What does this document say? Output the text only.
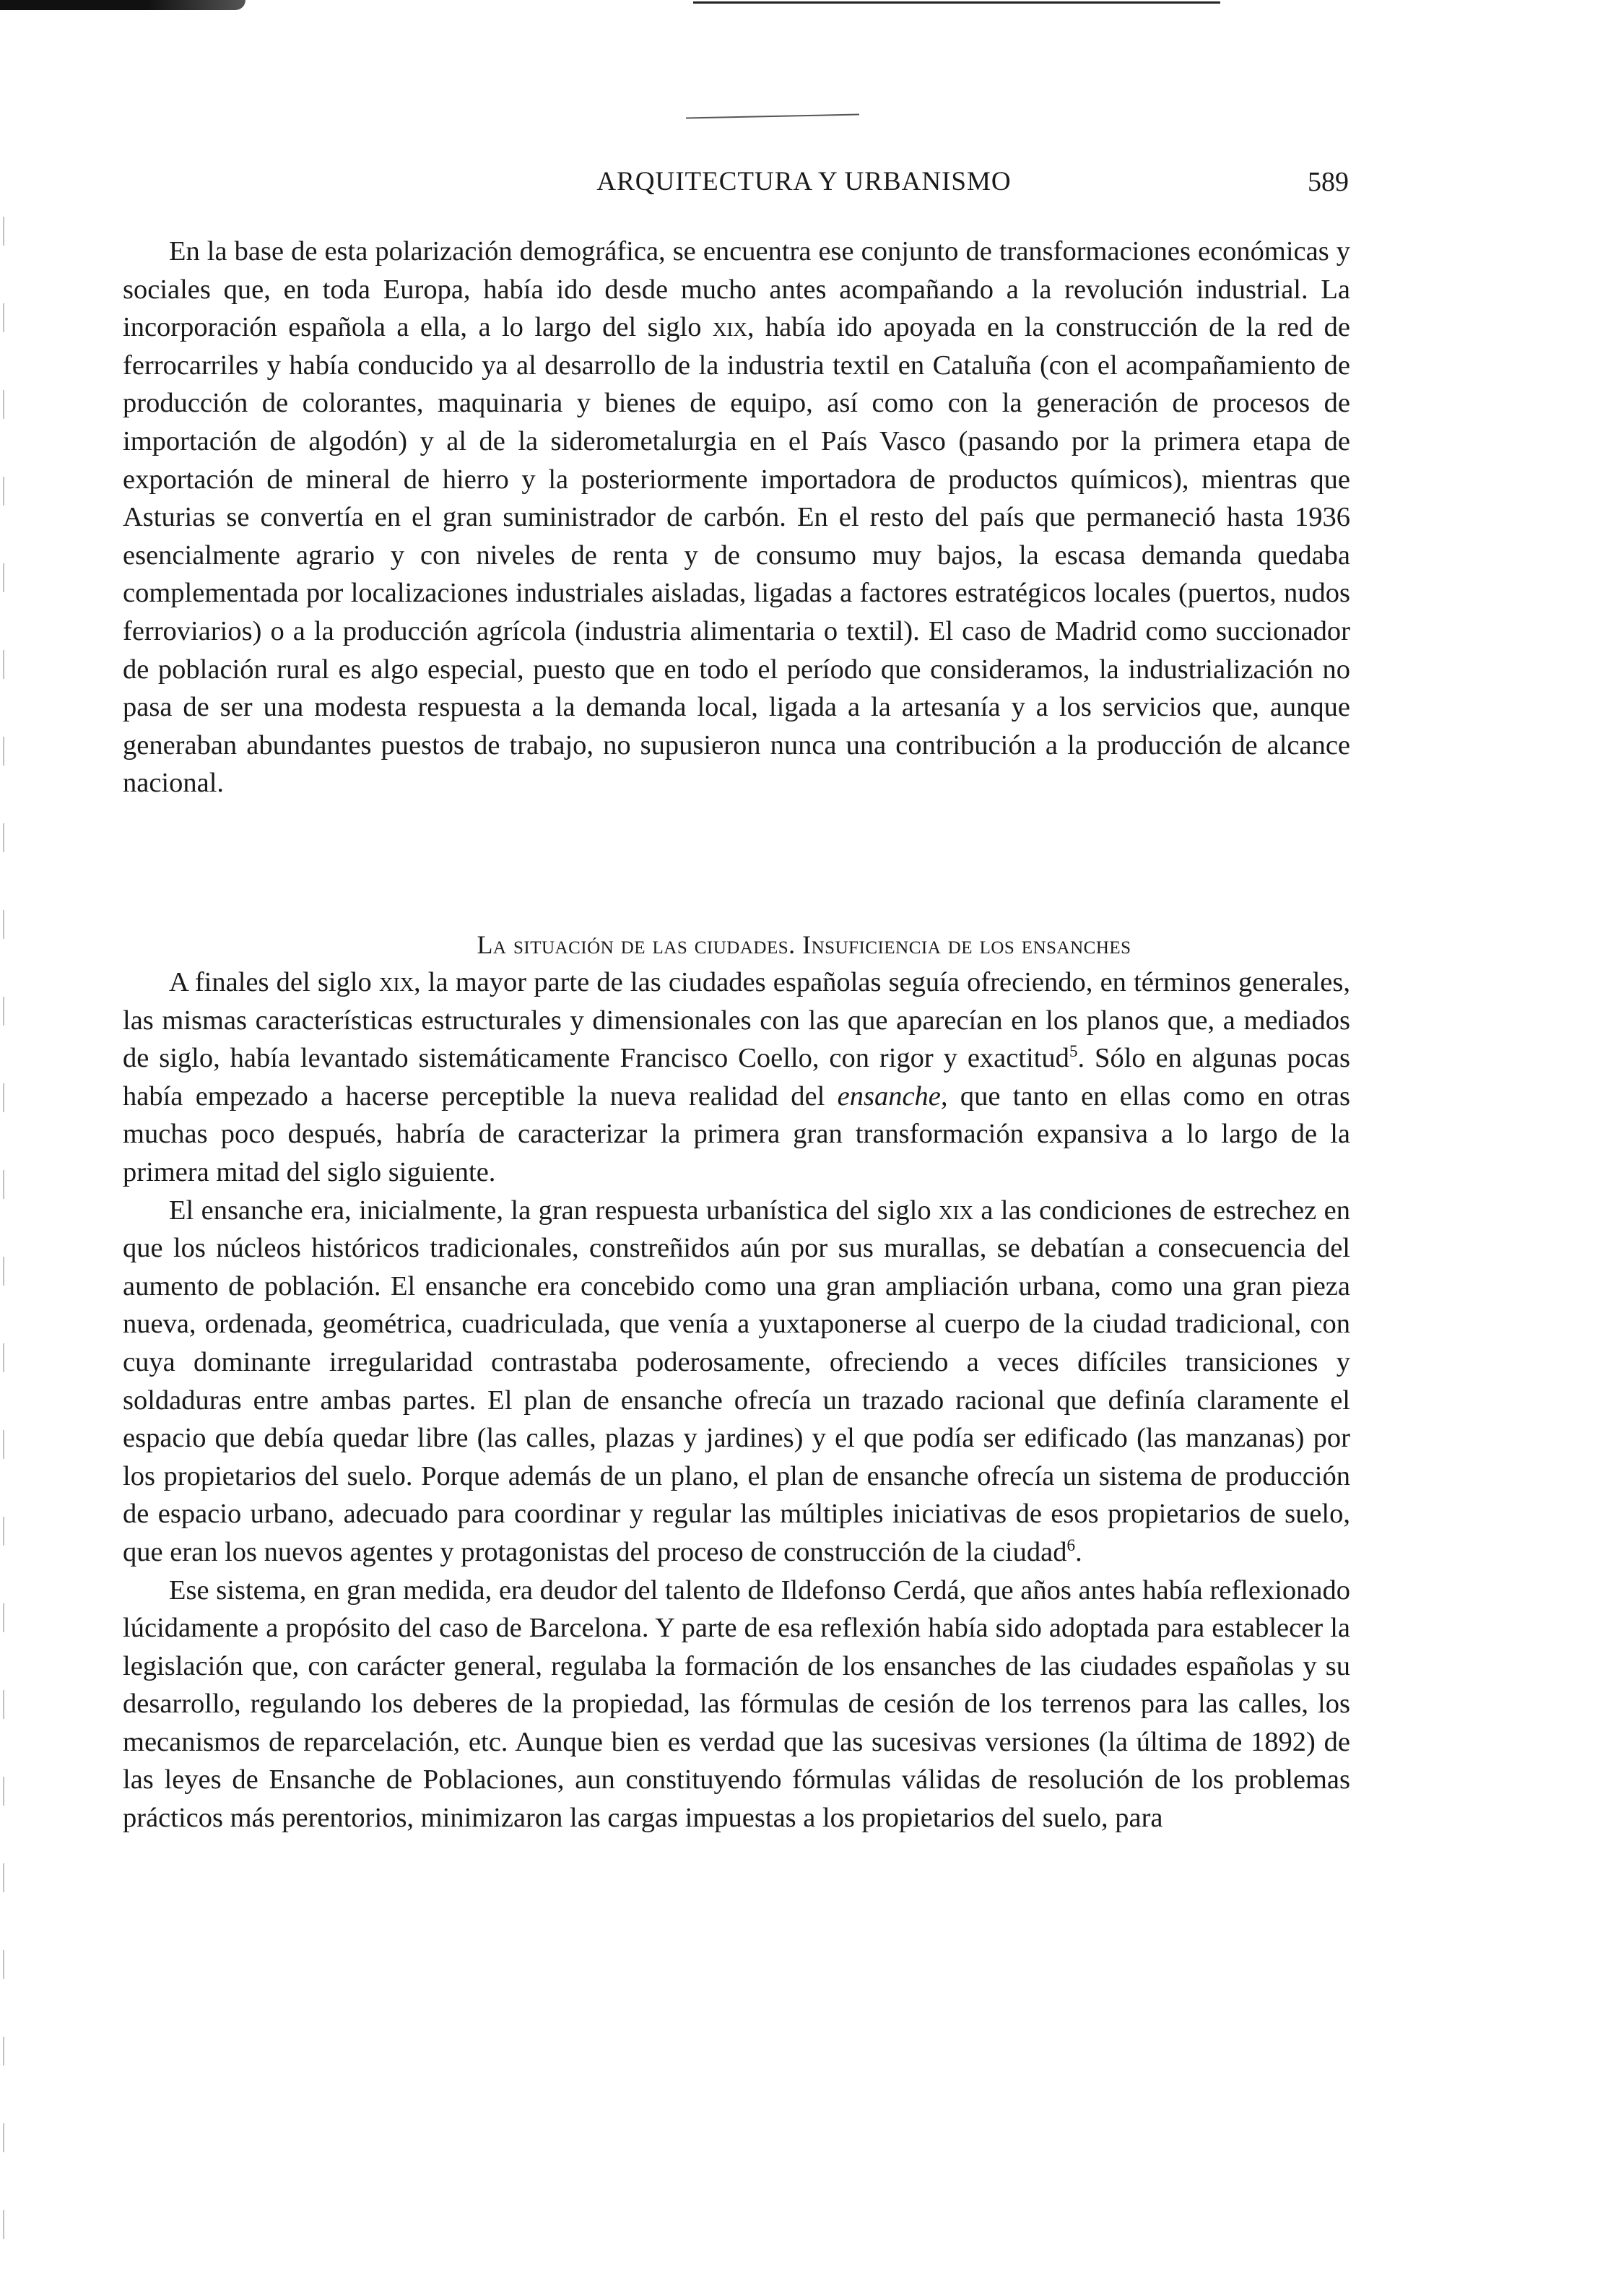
ARQUITECTURA Y URBANISMO	589

En la base de esta polarización demográfica, se encuentra ese conjunto de transformaciones económicas y sociales que, en toda Europa, había ido desde mucho antes acompañando a la revolución industrial. La incorporación española a ella, a lo largo del siglo xix, había ido apoyada en la construcción de la red de ferrocarriles y había conducido ya al desarrollo de la industria textil en Cataluña (con el acompañamiento de producción de colorantes, maquinaria y bienes de equipo, así como con la generación de procesos de importación de algodón) y al de la siderometalurgia en el País Vasco (pasando por la primera etapa de exportación de mineral de hierro y la posteriormente importadora de productos químicos), mientras que Asturias se convertía en el gran suministrador de carbón. En el resto del país que permaneció hasta 1936 esencialmente agrario y con niveles de renta y de consumo muy bajos, la escasa demanda quedaba complementada por localizaciones industriales aisladas, ligadas a factores estratégicos locales (puertos, nudos ferroviarios) o a la producción agrícola (industria alimentaria o textil). El caso de Madrid como succionador de población rural es algo especial, puesto que en todo el período que consideramos, la industrialización no pasa de ser una modesta respuesta a la demanda local, ligada a la artesanía y a los servicios que, aunque generaban abundantes puestos de trabajo, no supusieron nunca una contribución a la producción de alcance nacional.

La situación de las ciudades. Insuficiencia de los ensanches

A finales del siglo xix, la mayor parte de las ciudades españolas seguía ofreciendo, en términos generales, las mismas características estructurales y dimensionales con las que aparecían en los planos que, a mediados de siglo, había levantado sistemáticamente Francisco Coello, con rigor y exactitud$^5$. Sólo en algunas pocas había empezado a hacerse perceptible la nueva realidad del ensanche, que tanto en ellas como en otras muchas poco después, habría de caracterizar la primera gran transformación expansiva a lo largo de la primera mitad del siglo siguiente.

El ensanche era, inicialmente, la gran respuesta urbanística del siglo xix a las condiciones de estrechez en que los núcleos históricos tradicionales, constreñidos aún por sus murallas, se debatían a consecuencia del aumento de población. El ensanche era concebido como una gran ampliación urbana, como una gran pieza nueva, ordenada, geométrica, cuadriculada, que venía a yuxtaponerse al cuerpo de la ciudad tradicional, con cuya dominante irregularidad contrastaba poderosamente, ofreciendo a veces difíciles transiciones y soldaduras entre ambas partes. El plan de ensanche ofrecía un trazado racional que definía claramente el espacio que debía quedar libre (las calles, plazas y jardines) y el que podía ser edificado (las manzanas) por los propietarios del suelo. Porque además de un plano, el plan de ensanche ofrecía un sistema de producción de espacio urbano, adecuado para coordinar y regular las múltiples iniciativas de esos propietarios de suelo, que eran los nuevos agentes y protagonistas del proceso de construcción de la ciudad$^6$.

Ese sistema, en gran medida, era deudor del talento de Ildefonso Cerdá, que años antes había reflexionado lúcidamente a propósito del caso de Barcelona. Y parte de esa reflexión había sido adoptada para establecer la legislación que, con carácter general, regulaba la formación de los ensanches de las ciudades españolas y su desarrollo, regulando los deberes de la propiedad, las fórmulas de cesión de los terrenos para las calles, los mecanismos de reparcelación, etc. Aunque bien es verdad que las sucesivas versiones (la última de 1892) de las leyes de Ensanche de Poblaciones, aun constituyendo fórmulas válidas de resolución de los problemas prácticos más perentorios, minimizaron las cargas impuestas a los propietarios del suelo, para
